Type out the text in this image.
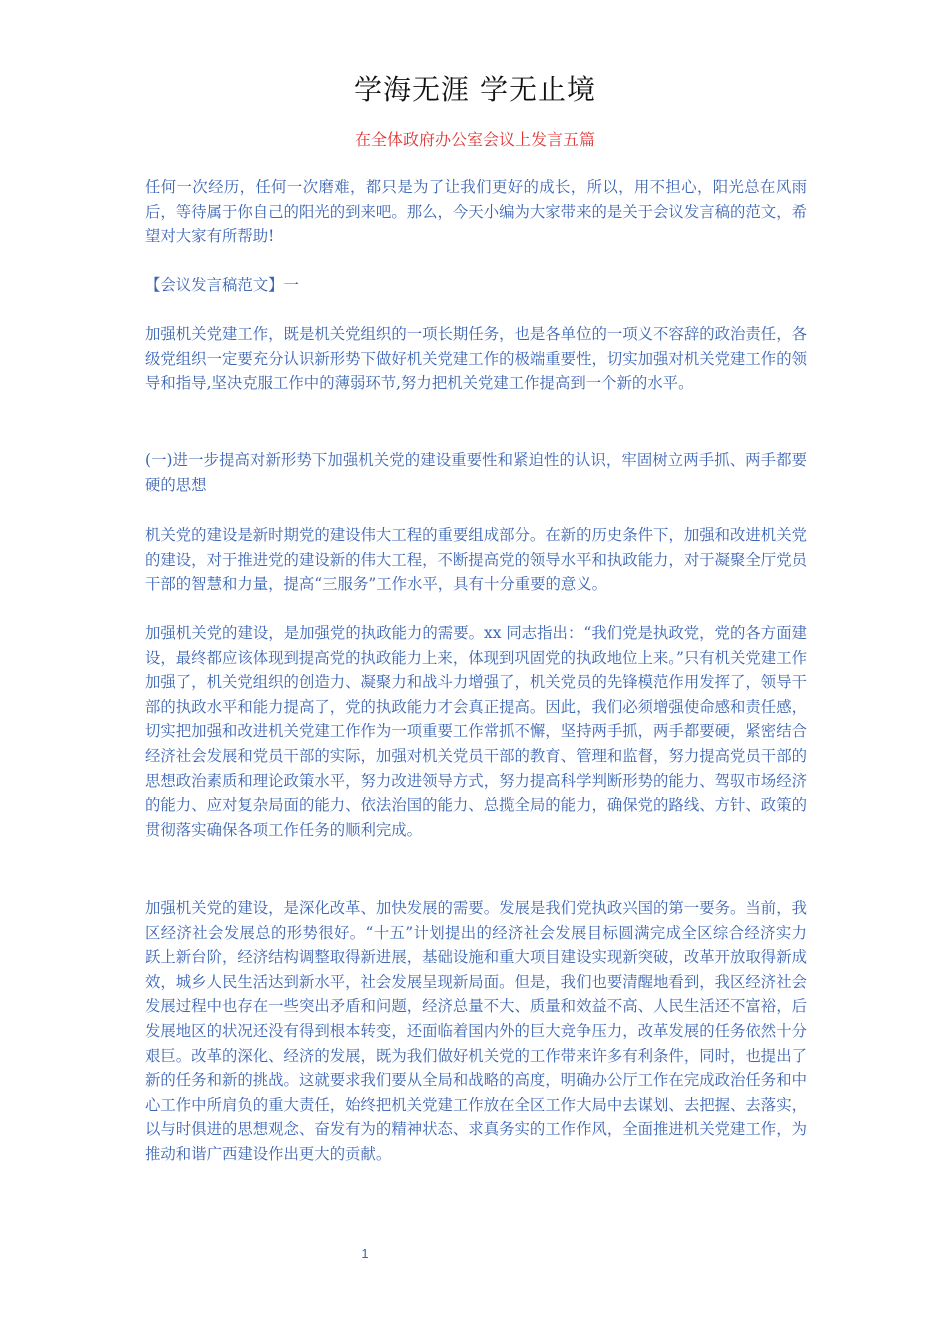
学海无涯 学无止境
在全体政府办公室会议上发言五篇

任何一次经历，任何一次磨难，都只是为了让我们更好的成长，所以，用不担心，阳光总在风雨后，等待属于你自己的阳光的到来吧。那么，今天小编为大家带来的是关于会议发言稿的范文，希望对大家有所帮助!

【会议发言稿范文】一

加强机关党建工作，既是机关党组织的一项长期任务，也是各单位的一项义不容辞的政治责任，各级党组织一定要充分认识新形势下做好机关党建工作的极端重要性，切实加强对机关党建工作的领导和指导,坚决克服工作中的薄弱环节,努力把机关党建工作提高到一个新的水平。

(一)进一步提高对新形势下加强机关党的建设重要性和紧迫性的认识，牢固树立两手抓、两手都要硬的思想

机关党的建设是新时期党的建设伟大工程的重要组成部分。在新的历史条件下，加强和改进机关党的建设，对于推进党的建设新的伟大工程，不断提高党的领导水平和执政能力，对于凝聚全厅党员干部的智慧和力量，提高“三服务”工作水平，具有十分重要的意义。

加强机关党的建设，是加强党的执政能力的需要。xx 同志指出：“我们党是执政党，党的各方面建设，最终都应该体现到提高党的执政能力上来，体现到巩固党的执政地位上来。”只有机关党建工作加强了，机关党组织的创造力、凝聚力和战斗力增强了，机关党员的先锋模范作用发挥了，领导干部的执政水平和能力提高了，党的执政能力才会真正提高。因此，我们必须增强使命感和责任感，切实把加强和改进机关党建工作作为一项重要工作常抓不懈，坚持两手抓，两手都要硬，紧密结合经济社会发展和党员干部的实际，加强对机关党员干部的教育、管理和监督，努力提高党员干部的思想政治素质和理论政策水平，努力改进领导方式，努力提高科学判断形势的能力、驾驭市场经济的能力、应对复杂局面的能力、依法治国的能力、总揽全局的能力，确保党的路线、方针、政策的贯彻落实确保各项工作任务的顺利完成。

加强机关党的建设，是深化改革、加快发展的需要。发展是我们党执政兴国的第一要务。当前，我区经济社会发展总的形势很好。“十五”计划提出的经济社会发展目标圆满完成全区综合经济实力跃上新台阶，经济结构调整取得新进展，基础设施和重大项目建设实现新突破，改革开放取得新成效，城乡人民生活达到新水平，社会发展呈现新局面。但是，我们也要清醒地看到，我区经济社会发展过程中也存在一些突出矛盾和问题，经济总量不大、质量和效益不高、人民生活还不富裕，后发展地区的状况还没有得到根本转变，还面临着国内外的巨大竞争压力，改革发展的任务依然十分艰巨。改革的深化、经济的发展，既为我们做好机关党的工作带来许多有利条件，同时，也提出了新的任务和新的挑战。这就要求我们要从全局和战略的高度，明确办公厅工作在完成政治任务和中心工作中所肩负的重大责任，始终把机关党建工作放在全区工作大局中去谋划、去把握、去落实，以与时俱进的思想观念、奋发有为的精神状态、求真务实的工作作风，全面推进机关党建工作，为推动和谐广西建设作出更大的贡献。

1
